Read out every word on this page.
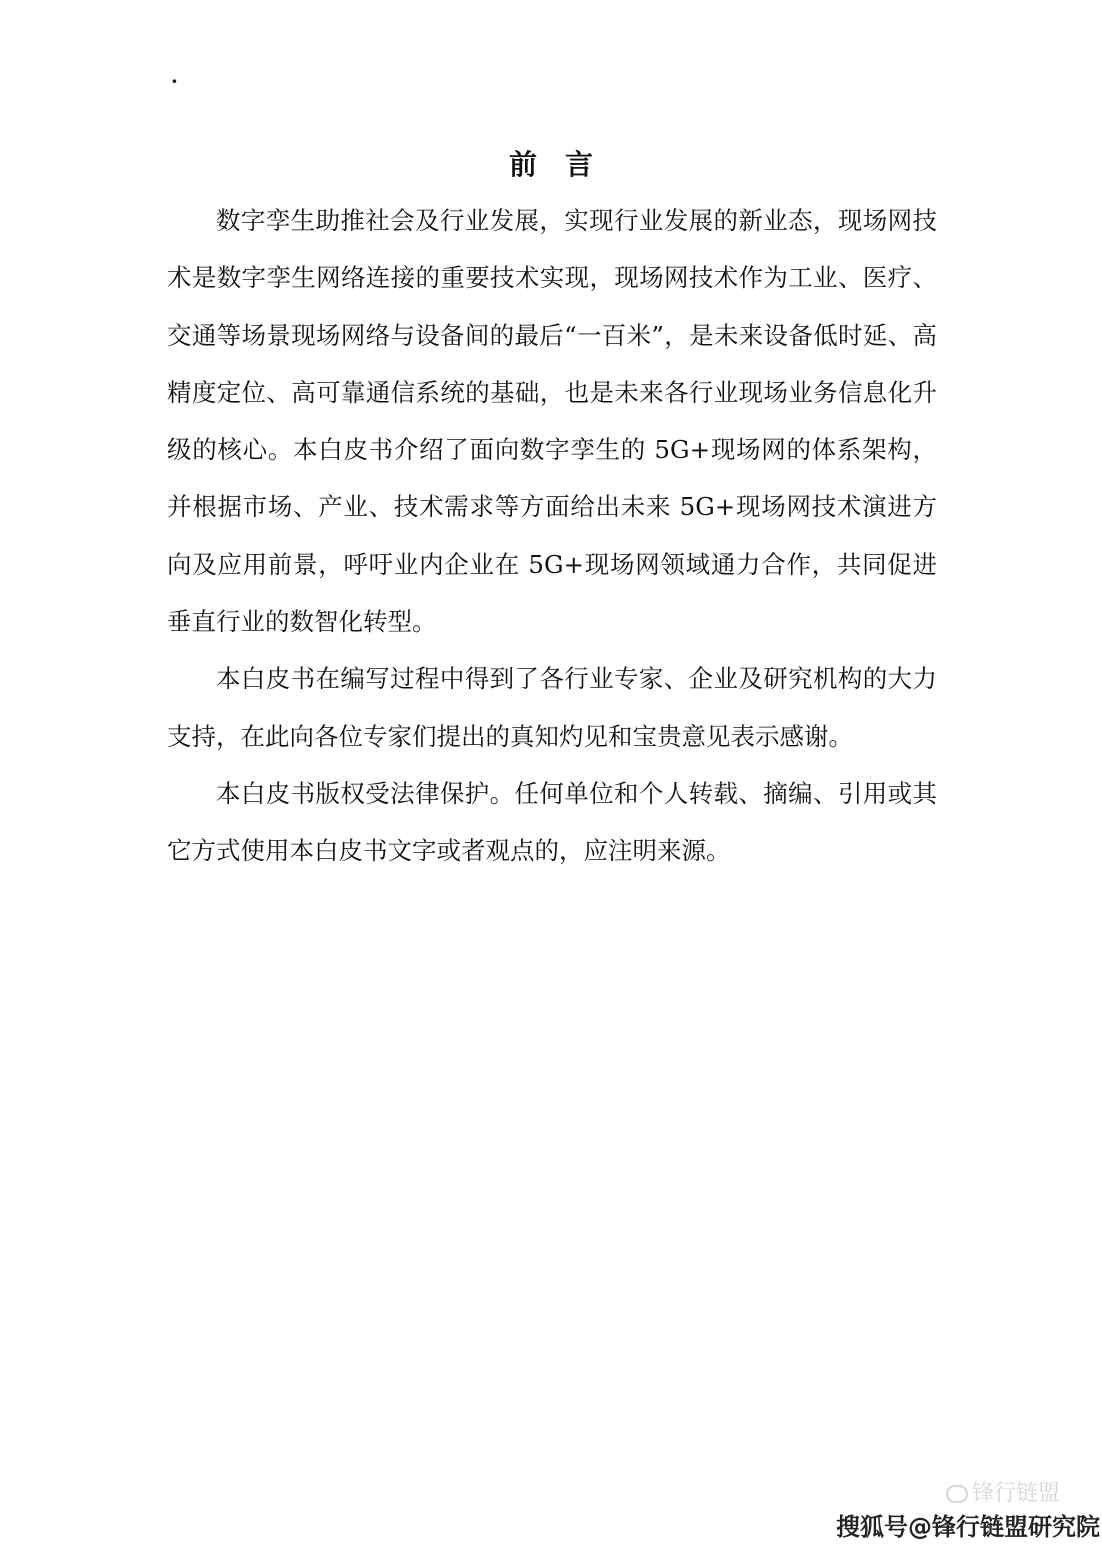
·
前言

数字孪生助推社会及行业发展，实现行业发展的新业态，现场网技术是数字孪生网络连接的重要技术实现，现场网技术作为工业、医疗、交通等场景现场网络与设备间的最后“一百米”，是未来设备低时延、高精度定位、高可靠通信系统的基础，也是未来各行业现场业务信息化升级的核心。本白皮书介绍了面向数字孪生的 5G+现场网的体系架构，并根据市场、产业、技术需求等方面给出未来 5G+现场网技术演进方向及应用前景，呼吁业内企业在 5G+现场网领域通力合作，共同促进垂直行业的数智化转型。

本白皮书在编写过程中得到了各行业专家、企业及研究机构的大力支持，在此向各位专家们提出的真知灼见和宝贵意见表示感谢。

本白皮书版权受法律保护。任何单位和个人转载、摘编、引用或其它方式使用本白皮书文字或者观点的，应注明来源。

锋行链盟
搜狐号@锋行链盟研究院
